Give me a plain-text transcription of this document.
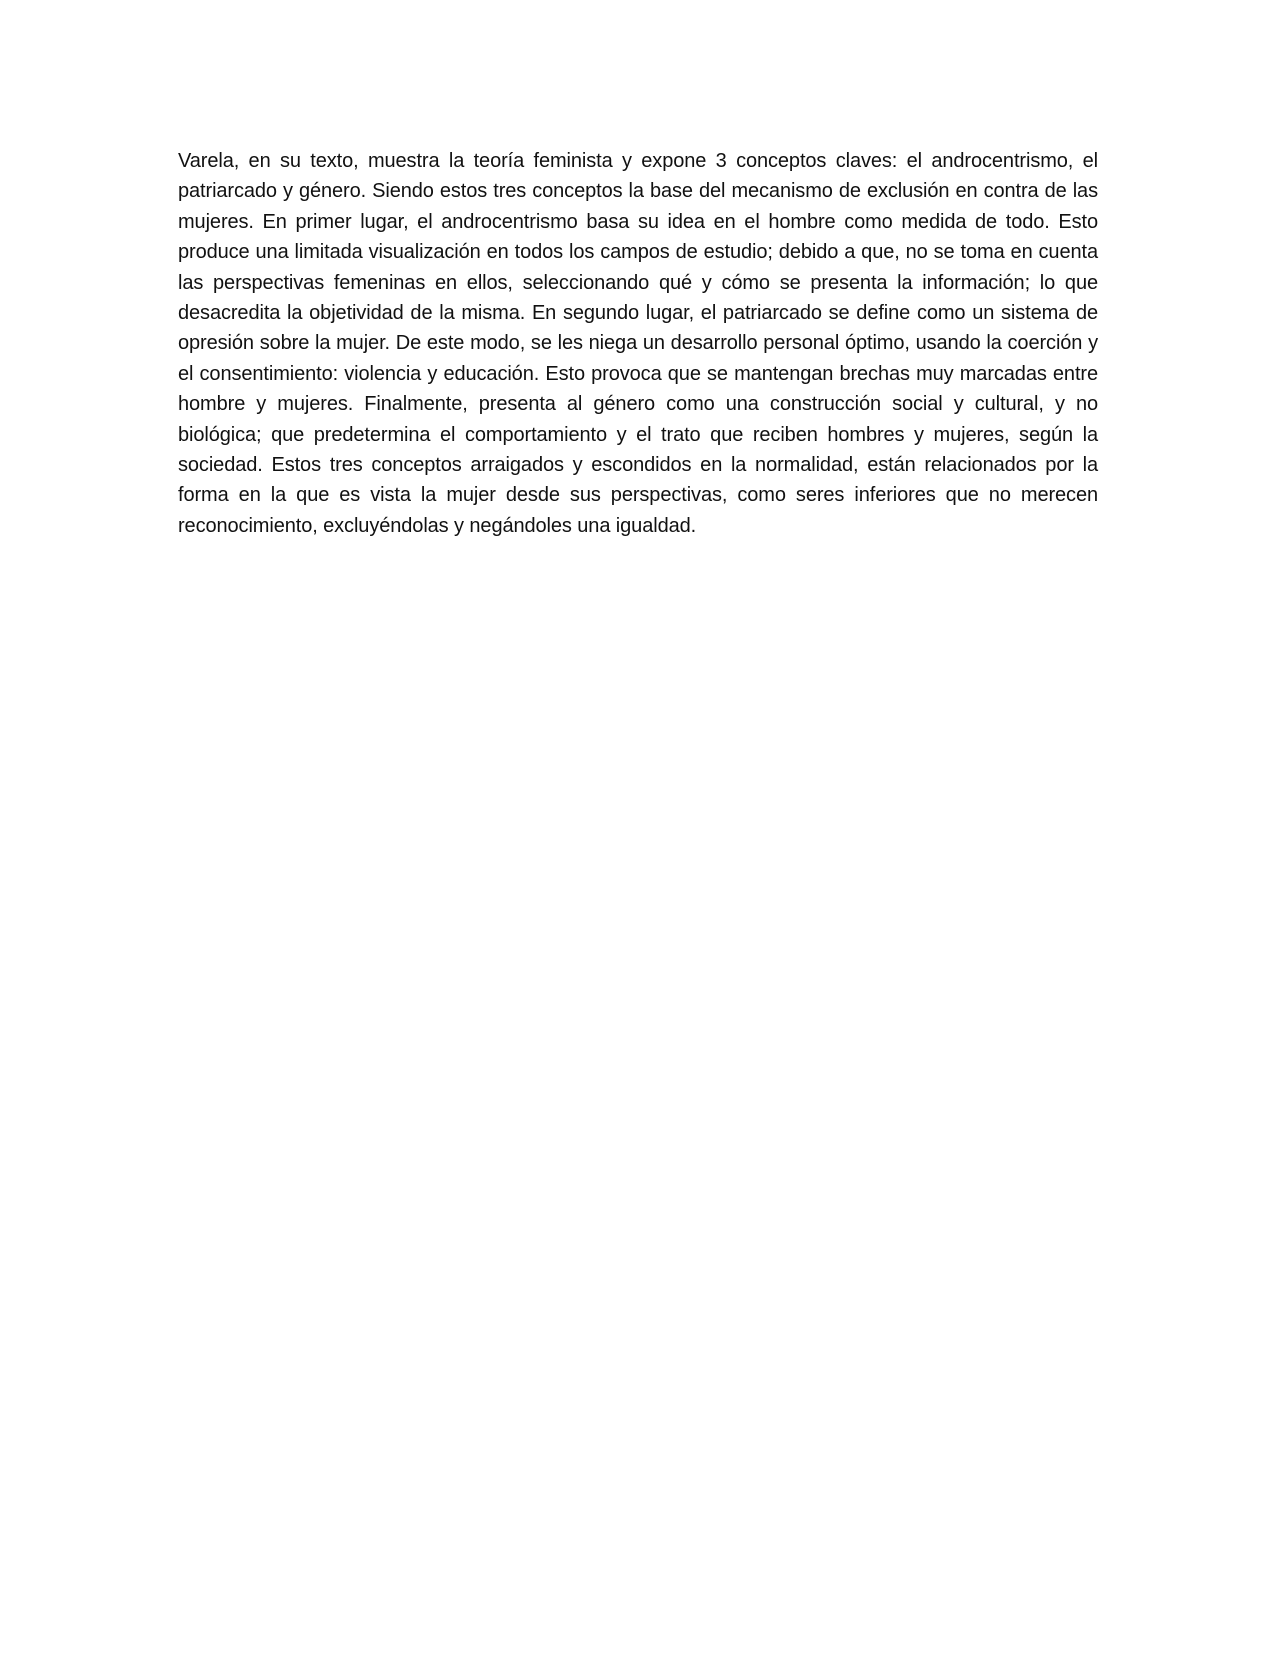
Varela, en su texto, muestra la teoría feminista y expone 3 conceptos claves: el androcentrismo, el patriarcado y género. Siendo estos tres conceptos la base del mecanismo de exclusión en contra de las mujeres. En primer lugar, el androcentrismo basa su idea en el hombre como medida de todo. Esto produce una limitada visualización en todos los campos de estudio; debido a que, no se toma en cuenta las perspectivas femeninas en ellos, seleccionando qué y cómo se presenta la información; lo que desacredita la objetividad de la misma. En segundo lugar, el patriarcado se define como un sistema de opresión sobre la mujer. De este modo, se les niega un desarrollo personal óptimo, usando la coerción y el consentimiento: violencia y educación. Esto provoca que se mantengan brechas muy marcadas entre hombre y mujeres. Finalmente, presenta al género como una construcción social y cultural, y no biológica; que predetermina el comportamiento y el trato que reciben hombres y mujeres, según la sociedad. Estos tres conceptos arraigados y escondidos en la normalidad, están relacionados por la forma en la que es vista la mujer desde sus perspectivas, como seres inferiores que no merecen reconocimiento, excluyéndolas y negándoles una igualdad.
